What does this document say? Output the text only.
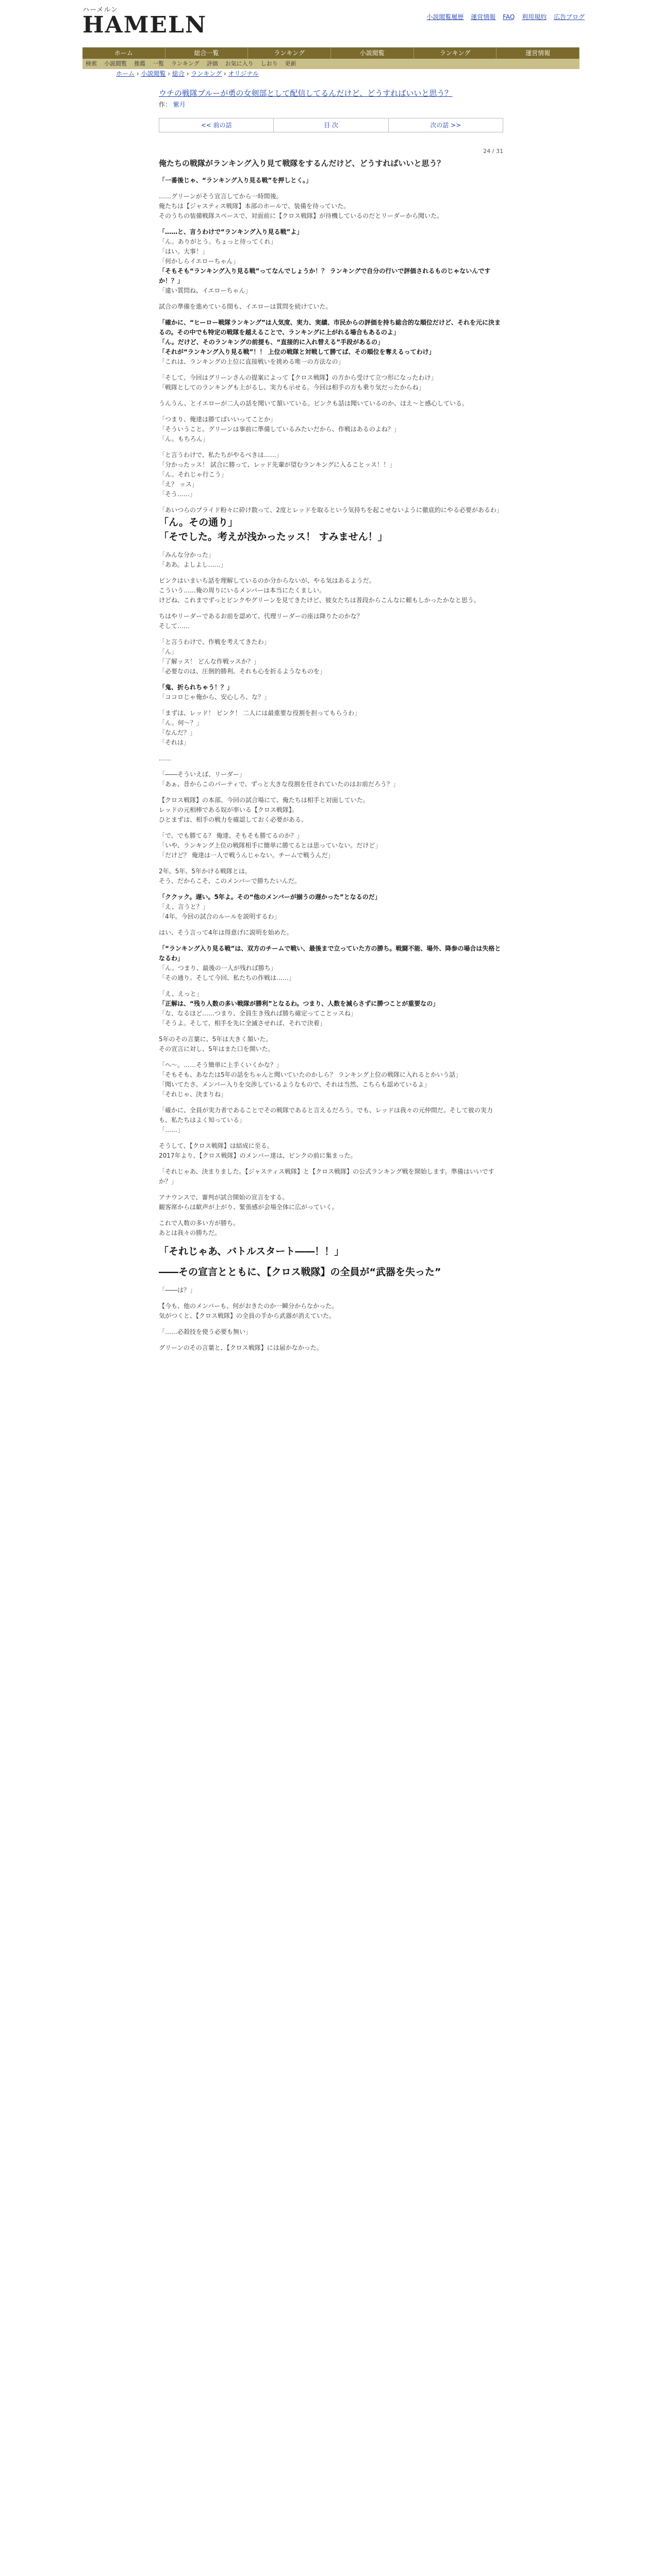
ハーメルン
HAMELN	小説閲覧履歴 運営情報 FAQ 利用規約 広告ブログ
ホーム	総合一覧	ランキング	小説閲覧	ランキング	運営情報
検索 小説閲覧 推薦 一覧 ランキング 評価 お気に入り しおり 更新
ホーム › 小説閲覧 › 総合 › ランキング › オリジナル
ウチの戦隊ブルーが勇の女剣部として配信してるんだけど、どうすればいいと思う？
作： 紫月
<< 前の話	目 次	次の話 >>
24 / 31
俺たちの戦隊がランキング入り見て戦隊をするんだけど、どうすればいいと思う？

「一番後じゃ、“ランキング入り見る戦”を押しとく。」

……グリーンがそう宣言してから一時間後。

俺たちは【ジャスティス戦隊】本部のホールで、装備を待っていた。

そのうちの装備戦隊スペースで、対面前に【クロス戦隊】が待機しているのだとリーダーから聞いた。

「……と、言うわけで“ランキング入り見る戦”よ」

「ん。ありがとう。ちょっと待ってくれ」

「はい。大事！」

「何かしらイエローちゃん」

「そもそも“ランキング入り見る戦”ってなんでしょうか！？ ランキングで自分の行いで評価されるものじゃないんですか！？」

「違い質問ね、イエローちゃん」

試合の準備を進めている間も、イエローは質問を続けていた。

「確かに、“ヒーロー戦隊ランキング”は人気度、実力、実績、市民からの評価を持ち総合的な順位だけど、それを元に決まるの。その中でも特定の戦隊を越えることで、ランキングに上がれる場合もあるのよ」

「ん。だけど、そのランキングの前提も、“直接的に入れ替える”手段があるの」

「それが“ランキング入り見る戦”！！ 上位の戦隊と対戦して勝てば、その順位を奪えるってわけ」

「これは、ランキングの上位に直接戦いを挑める唯一の方法なの」

「そして、今回はグリーンさんの提案によって【クロス戦隊】の方から受けて立つ形になったわけ」

「戦隊としてのランキングも上がるし、実力も示せる。今回は相手の方も乗り気だったからね」

うんうん、とイエローが二人の話を聞いて頷いている。ピンクも話は聞いているのか、ほえ～と感心している。

「つまり、俺達は勝てばいいってことか」

「そういうこと。グリーンは事前に準備しているみたいだから、作戦はあるのよね？」

「ん。もちろん」

「と言うわけで、私たちがやるべきは……」

「分かったッス！ 試合に勝って、レッド先輩が望むランキングに入ることッス！！」

「ん。それじゃ行こう」

「え？ ッス」

「そう……」

「あいつらのプライド粉々に砕け散って、2度とレッドを取るという気持ちを起こせないように徹底的にやる必要があるわ」

「ん。その通り」

「そでした。考えが浅かったッス！ すみません！」

「みんな分かった」

「ああ。よしよし……」

ピンクはいまいち話を理解しているのか分からないが、やる気はあるようだ。

こういう……俺の周りにいるメンバーは本当にたくましい。

けどね、これまでずっとピンクやグリーンを見てきたけど、彼女たちは普段からこんなに頼もしかったかなと思う。

ちはやリーダーであるお前を認めて、代理リーダーの座は降りたのかな？

そして……

「と言うわけで、作戦を考えてきたわ」

「ん」

「了解ッス！ どんな作戦ッスか？」

「必要なのは、圧倒的勝利。それも心を折るようなものを」

「鬼、折られちゃう！？」

「ココロじゃ俺から、安心しろ、な？」

「まずは、レッド！ ピンク！ 二人には最重要な役割を担ってもらうわ」

「ん。何～？」

「なんだ？」

「それは」

……

「――そういえば、リーダー」

「あぁ、昔からこのパーティで、ずっと大きな役割を任されていたのはお前だろう？」

【クロス戦隊】の本部、今回の試合場にて、俺たちは相手と対面していた。

レッドの元相棒である奴が率いる【クロス戦隊】。

ひとまずは、相手の戦力を確認しておく必要がある。

「で、でも勝てる？ 俺達、そもそも勝てるのか？」

「いや、ランキング上位の戦隊相手に簡単に勝てるとは思っていない。だけど」

「だけど？ 俺達は一人で戦うんじゃない。チームで戦うんだ」

2年。5年。5年かける戦隊とは。

そう、だからこそ、このメンバーで勝ちたいんだ。

「ククック。遅い。5年よ。その“他のメンバーが揃うの遅かった”となるのだ」

「え、言うと？」

「4年。今回の試合のルールを説明するわ」

はい、そう言って4年は得意げに説明を始めた。

「“ランキング入り見る戦”は、双方のチームで戦い、最後まで立っていた方の勝ち。戦闘不能、場外、降参の場合は失格となるわ」

「ん。つまり、最後の一人が残れば勝ち」

「その通り。そして今回、私たちの作戦は……」

「え、えっと」

「正解は、“残り人数の多い戦隊が勝利”となるわ。つまり、人数を減らさずに勝つことが重要なの」

「な、なるほど……つまり、全員生き残れば勝ち確定ってことッスね」

「そうよ。そして、相手を先に全滅させれば、それで決着」

5年のその言葉に、5年は大きく頷いた。

その宣言に対し、5年はまた口を開いた。

「へ～。……そう簡単に上手くいくかな？」

「そもそも、あなたは5年の話をちゃんと聞いていたのかしら？ ランキング上位の戦隊に入れるとかいう話」

「聞いてたさ。メンバー入りを交渉しているようなもので、それは当然、こちらも認めているよ」

「それじゃ、決まりね」

「確かに、全員が実力者であることでその戦隊であると言えるだろう。でも、レッドは我々の元仲間だ。そして彼の実力も、私たちはよく知っている」

「……」

そうして、【クロス戦隊】は結成に至る。

2017年より、【クロス戦隊】のメンバー達は、ピンクの前に集まった。

「それじゃあ、決まりました。【ジャスティス戦隊】と【クロス戦隊】の公式ランキング戦を開始します。準備はいいですか？」

アナウンスで、審判が試合開始の宣言をする。

観客席からは歓声が上がり、緊張感が会場全体に広がっていく。

これで人数の多い方が勝ち。

あとは我々の勝ちだ。

「それじゃあ、バトルスタート――！！」

――その宣言とともに、【クロス戦隊】の全員が“武器を失った”

「――は？」

【今も、他のメンバーも、何がおきたのか一瞬分からなかった。

気がつくと、【クロス戦隊】の全員の手から武器が消えていた。

「……必殺技を使う必要も無い」

グリーンのその言葉と、【クロス戦隊】には届かなかった。
